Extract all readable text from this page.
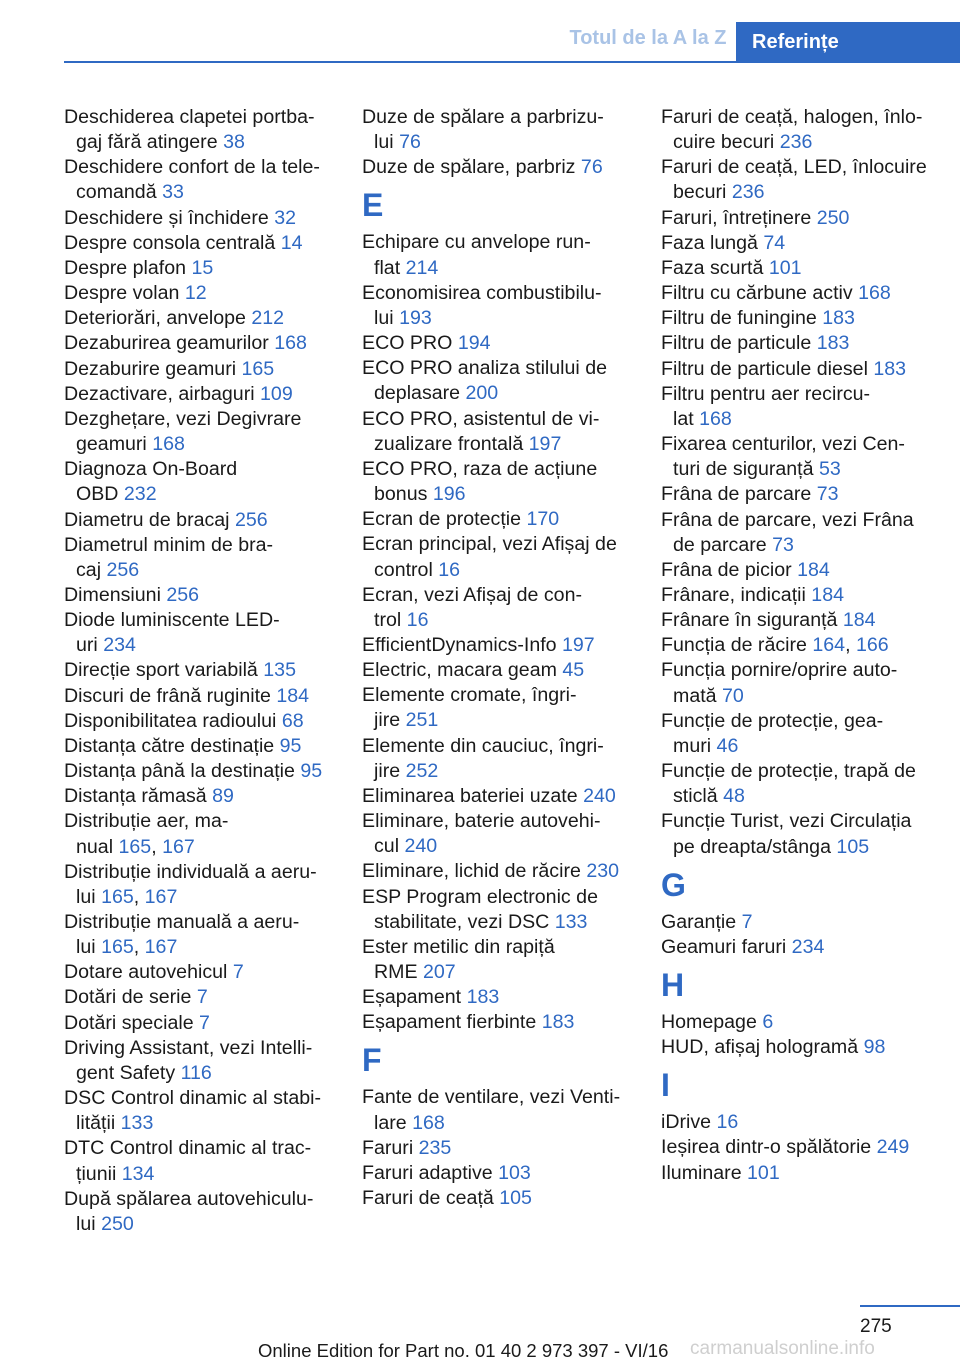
Totul de la A la Z	Referințe
Deschiderea clapetei portba-
gaj fără atingere 38
Deschidere confort de la tele-
comandă 33
Deschidere și închidere 32
Despre consola centrală 14
Despre plafon 15
Despre volan 12
Deteriorări, anvelope 212
Dezaburirea geamurilor 168
Dezaburire geamuri 165
Dezactivare, airbaguri 109
Dezghețare, vezi Degivrare
geamuri 168
Diagnoza On-Board
OBD 232
Diametru de bracaj 256
Diametrul minim de bra-
caj 256
Dimensiuni 256
Diode luminiscente LED-
uri 234
Direcție sport variabilă 135
Discuri de frână ruginite 184
Disponibilitatea radioului 68
Distanța către destinație 95
Distanța până la destinație 95
Distanța rămasă 89
Distribuție aer, ma-
nual 165, 167
Distribuție individuală a aeru-
lui 165, 167
Distribuție manuală a aeru-
lui 165, 167
Dotare autovehicul 7
Dotări de serie 7
Dotări speciale 7
Driving Assistant, vezi Intelli-
gent Safety 116
DSC Control dinamic al stabi-
lității 133
DTC Control dinamic al trac-
țiunii 134
După spălarea autovehiculu-
lui 250
Duze de spălare a parbrizu-
lui 76
Duze de spălare, parbriz 76
E
Echipare cu anvelope run-
flat 214
Economisirea combustibilu-
lui 193
ECO PRO 194
ECO PRO analiza stilului de
deplasare 200
ECO PRO, asistentul de vi-
zualizare frontală 197
ECO PRO, raza de acțiune
bonus 196
Ecran de protecție 170
Ecran principal, vezi Afișaj de
control 16
Ecran, vezi Afișaj de con-
trol 16
EfficientDynamics-Info 197
Electric, macara geam 45
Elemente cromate, îngri-
jire 251
Elemente din cauciuc, îngri-
jire 252
Eliminarea bateriei uzate 240
Eliminare, baterie autovehi-
cul 240
Eliminare, lichid de răcire 230
ESP Program electronic de
stabilitate, vezi DSC 133
Ester metilic din rapiță
RME 207
Eșapament 183
Eșapament fierbinte 183
F
Fante de ventilare, vezi Venti-
lare 168
Faruri 235
Faruri adaptive 103
Faruri de ceață 105
Faruri de ceață, halogen, înlo-
cuire becuri 236
Faruri de ceață, LED, înlocuire
becuri 236
Faruri, întreținere 250
Faza lungă 74
Faza scurtă 101
Filtru cu cărbune activ 168
Filtru de funingine 183
Filtru de particule 183
Filtru de particule diesel 183
Filtru pentru aer recircu-
lat 168
Fixarea centurilor, vezi Cen-
turi de siguranță 53
Frâna de parcare 73
Frâna de parcare, vezi Frâna
de parcare 73
Frâna de picior 184
Frânare, indicații 184
Frânare în siguranță 184
Funcția de răcire 164, 166
Funcția pornire/oprire auto-
mată 70
Funcție de protecție, gea-
muri 46
Funcție de protecție, trapă de
sticlă 48
Funcție Turist, vezi Circulația
pe dreapta/stânga 105
G
Garanție 7
Geamuri faruri 234
H
Homepage 6
HUD, afișaj hologramă 98
I
iDrive 16
Ieșirea dintr-o spălătorie 249
Iluminare 101
275
Online Edition for Part no. 01 40 2 973 397 - VI/16 carmanualsonline.info
